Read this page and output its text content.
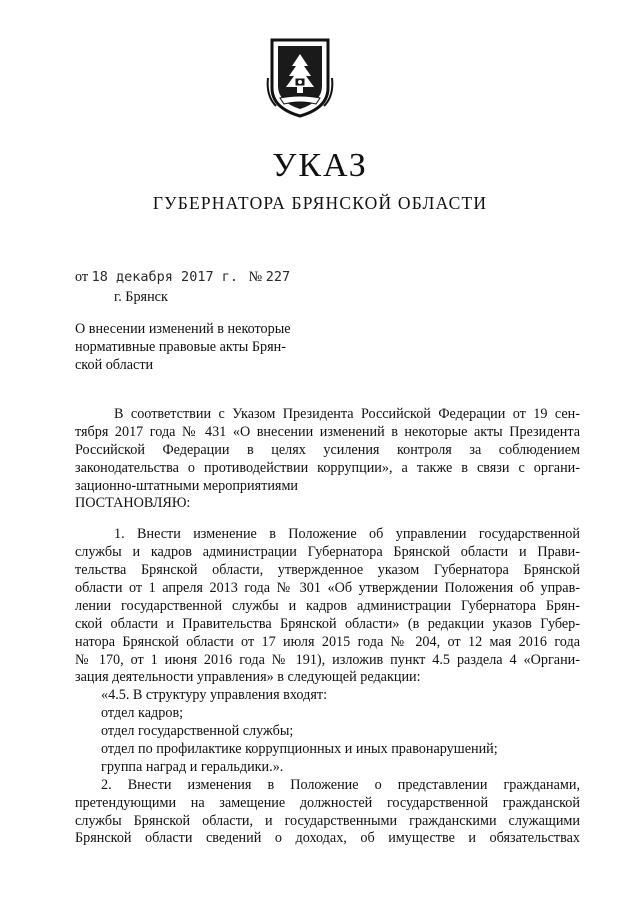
УКАЗ
ГУБЕРНАТОРА БРЯНСКОЙ ОБЛАСТИ
от 18 декабря 2017 г. № 227
г. Брянск
О внесении изменений в некоторые
нормативные правовые акты Брян-
ской области
В соответствии с Указом Президента Российской Федерации от 19 сен-
тября 2017 года № 431 «О внесении изменений в некоторые акты Президента
Российской Федерации в целях усиления контроля за соблюдением
законодательства о противодействии коррупции», а также в связи с органи-
зационно-штатными мероприятиями
ПОСТАНОВЛЯЮ:
1. Внести изменение в Положение об управлении государственной
службы и кадров администрации Губернатора Брянской области и Прави-
тельства Брянской области, утвержденное указом Губернатора Брянской
области от 1 апреля 2013 года № 301 «Об утверждении Положения об управ-
лении государственной службы и кадров администрации Губернатора Брян-
ской области и Правительства Брянской области» (в редакции указов Губер-
натора Брянской области от 17 июля 2015 года № 204, от 12 мая 2016 года
№ 170, от 1 июня 2016 года № 191), изложив пункт 4.5 раздела 4 «Органи-
зация деятельности управления» в следующей редакции:
«4.5. В структуру управления входят:
отдел кадров;
отдел государственной службы;
отдел по профилактике коррупционных и иных правонарушений;
группа наград и геральдики.».
2. Внести изменения в Положение о представлении гражданами,
претендующими на замещение должностей государственной гражданской
службы Брянской области, и государственными гражданскими служащими
Брянской области сведений о доходах, об имуществе и обязательствах
